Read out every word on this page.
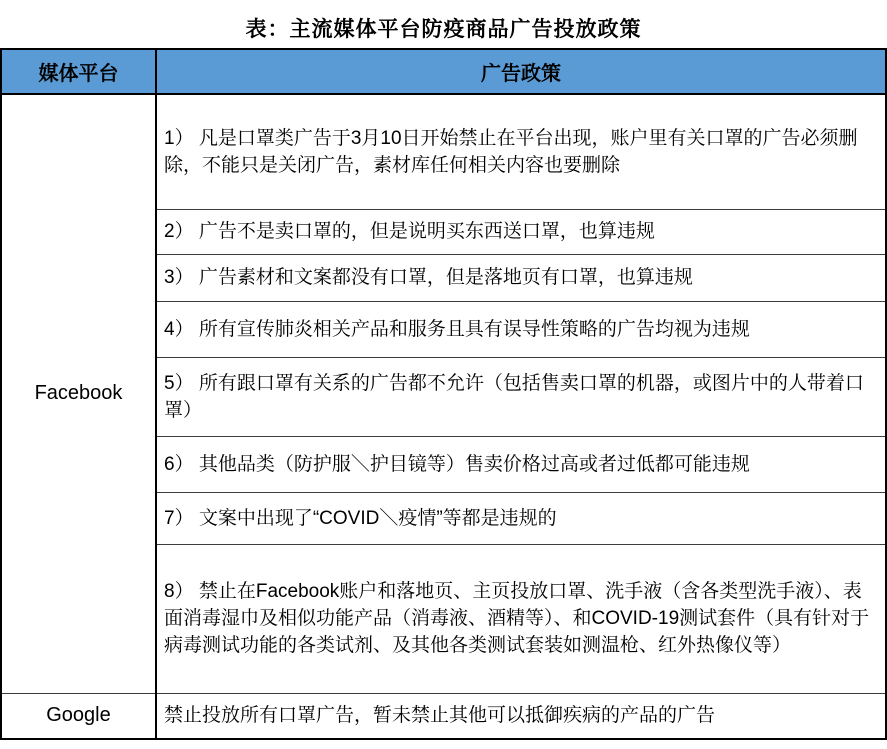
表：主流媒体平台防疫商品广告投放政策
媒体平台	广告政策
Facebook	1） 凡是口罩类广告于3月10日开始禁止在平台出现，账户里有关口罩的广告必须删除，不能只是关闭广告，素材库任何相关内容也要删除
	2） 广告不是卖口罩的，但是说明买东西送口罩，也算违规
	3） 广告素材和文案都没有口罩，但是落地页有口罩，也算违规
	4） 所有宣传肺炎相关产品和服务且具有误导性策略的广告均视为违规
	5） 所有跟口罩有关系的广告都不允许（包括售卖口罩的机器，或图片中的人带着口罩）
	6） 其他品类（防护服＼护目镜等）售卖价格过高或者过低都可能违规
	7） 文案中出现了“COVID＼疫情”等都是违规的
	8） 禁止在Facebook账户和落地页、主页投放口罩、洗手液（含各类型洗手液）、表面消毒湿巾及相似功能产品（消毒液、酒精等）、和COVID-19测试套件（具有针对于病毒测试功能的各类试剂、及其他各类测试套装如测温枪、红外热像仪等）
Google	禁止投放所有口罩广告，暂未禁止其他可以抵御疾病的产品的广告
